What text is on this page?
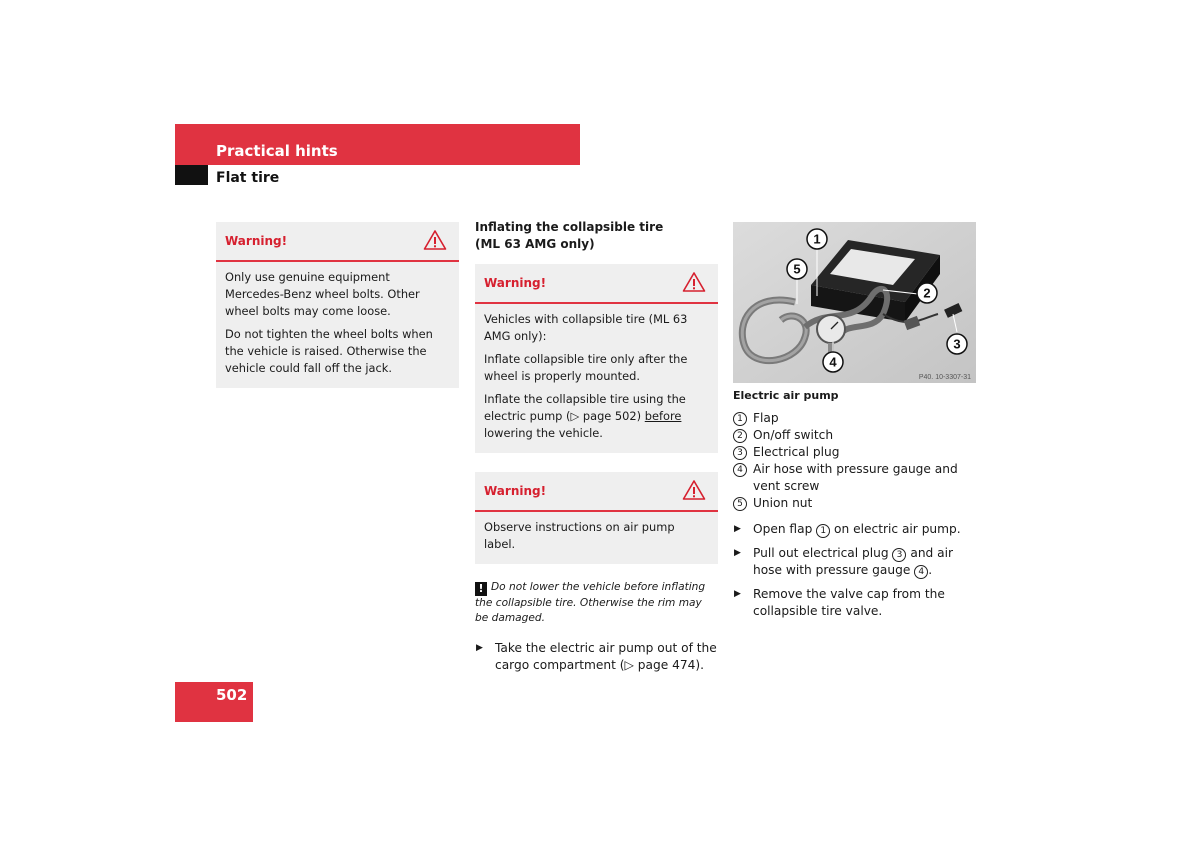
Practical hints
Flat tire
Warning!

Only use genuine equipment Mercedes-Benz wheel bolts. Other wheel bolts may come loose.

Do not tighten the wheel bolts when the vehicle is raised. Otherwise the vehicle could fall off the jack.

Inflating the collapsible tire
(ML 63 AMG only)
Warning!

Vehicles with collapsible tire (ML 63 AMG only):

Inflate collapsible tire only after the wheel is properly mounted.

Inflate the collapsible tire using the electric pump (▷ page 502) before lowering the vehicle.

Warning!

Observe instructions on air pump label.

! Do not lower the vehicle before inflating the collapsible tire. Otherwise the rim may be damaged.
▶ Take the electric air pump out of the cargo compartment (▷ page 474).
1
5
2
3
4
P40. 10-3307-31
Electric air pump
1 Flap
2 On/off switch
3 Electrical plug
4 Air hose with pressure gauge and vent screw
5 Union nut
▶ Open flap 1 on electric air pump.
▶ Pull out electrical plug 3 and air hose with pressure gauge 4 .
▶ Remove the valve cap from the collapsible tire valve.
502
